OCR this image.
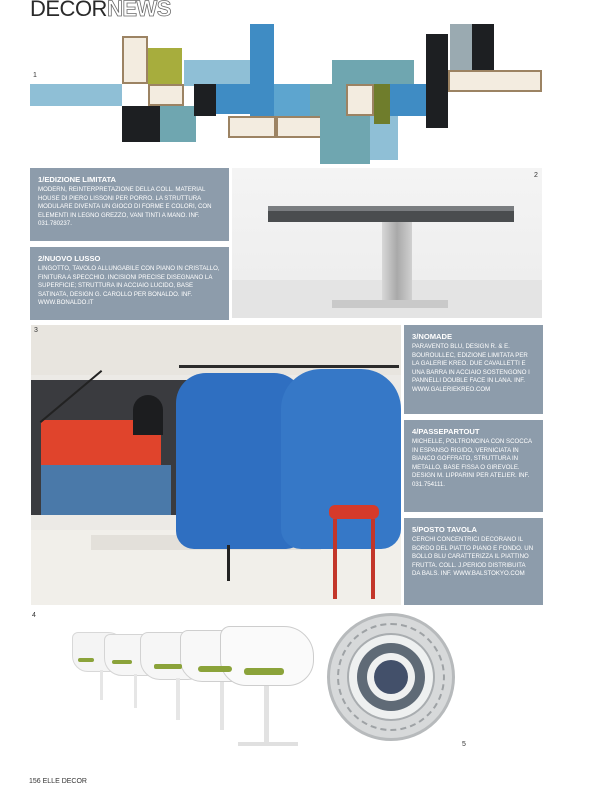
DECORNEWS
1
2
1/EDIZIONE LIMITATA

MODERN, REINTERPRETAZIONE DELLA COLL. MATERIAL HOUSE DI PIERO LISSONI PER PORRO. LA STRUTTURA MODULARE DIVENTA UN GIOCO DI FORME E COLORI, CON ELEMENTI IN LEGNO GREZZO, VANI TINTI A MANO. INF. 031.780237.

2/NUOVO LUSSO

LINGOTTO, TAVOLO ALLUNGABILE CON PIANO IN CRISTALLO, FINITURA A SPECCHIO. INCISIONI PRECISE DISEGNANO LA SUPERFICIE; STRUTTURA IN ACCIAIO LUCIDO, BASE SATINATA, DESIGN G. CAROLLO PER BONALDO. INF. WWW.BONALDO.IT

3
3/NOMADE

PARAVENTO BLU, DESIGN R. & E. BOUROULLEC, EDIZIONE LIMITATA PER LA GALERIE KREO. DUE CAVALLETTI E UNA BARRA IN ACCIAIO SOSTENGONO I PANNELLI DOUBLE FACE IN LANA. INF. WWW.GALERIEKREO.COM

4/PASSEPARTOUT

MICHELLE, POLTRONCINA CON SCOCCA IN ESPANSO RIGIDO, VERNICIATA IN BIANCO GOFFRATO, STRUTTURA IN METALLO, BASE FISSA O GIREVOLE. DESIGN M. LIPPARINI PER ATELIER. INF. 031.754111.

5/POSTO TAVOLA

CERCHI CONCENTRICI DECORANO IL BORDO DEL PIATTO PIANO E FONDO. UN BOLLO BLU CARATTERIZZA IL PIATTINO FRUTTA. COLL. J.PERIOD DISTRIBUITA DA BALS. INF. WWW.BALSTOKYO.COM

4
5
156 ELLE DECOR
